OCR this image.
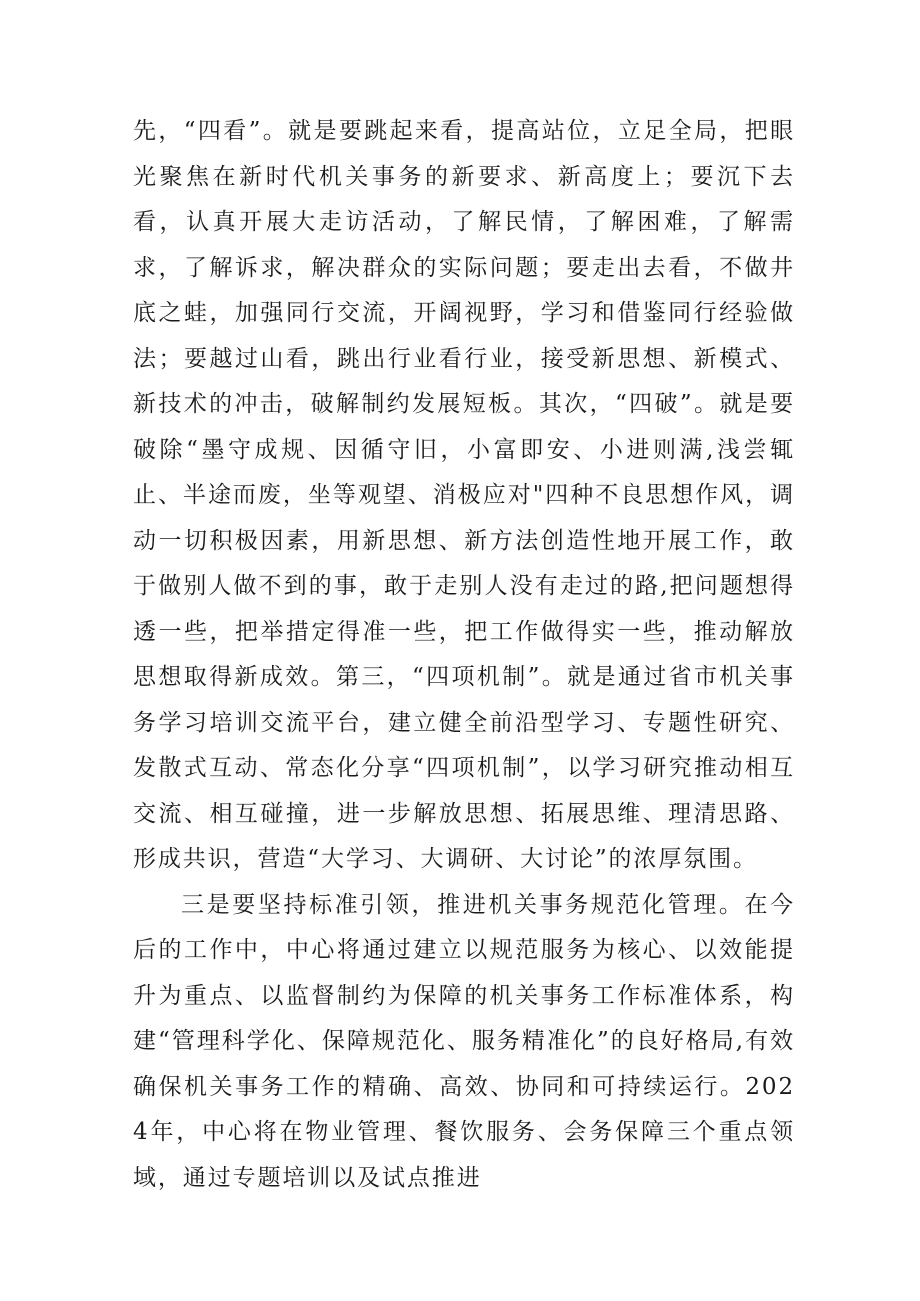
先，“四看”。就是要跳起来看，提高站位，立足全局，把眼光聚焦在新时代机关事务的新要求、新高度上；要沉下去看，认真开展大走访活动，了解民情，了解困难，了解需求，了解诉求，解决群众的实际问题；要走出去看，不做井底之蛙，加强同行交流，开阔视野，学习和借鉴同行经验做法；要越过山看，跳出行业看行业，接受新思想、新模式、新技术的冲击，破解制约发展短板。其次，“四破”。就是要破除“墨守成规、因循守旧，小富即安、小进则满,浅尝辄止、半途而废，坐等观望、消极应对"四种不良思想作风，调动一切积极因素，用新思想、新方法创造性地开展工作，敢于做别人做不到的事，敢于走别人没有走过的路,把问题想得透一些，把举措定得准一些，把工作做得实一些，推动解放思想取得新成效。第三，“四项机制”。就是通过省市机关事务学习培训交流平台，建立健全前沿型学习、专题性研究、发散式互动、常态化分享“四项机制”，以学习研究推动相互交流、相互碰撞，进一步解放思想、拓展思维、理清思路、形成共识，营造“大学习、大调研、大讨论”的浓厚氛围。

三是要坚持标准引领，推进机关事务规范化管理。在今后的工作中，中心将通过建立以规范服务为核心、以效能提升为重点、以监督制约为保障的机关事务工作标准体系，构建“管理科学化、保障规范化、服务精准化”的良好格局,有效确保机关事务工作的精确、高效、协同和可持续运行。2024年，中心将在物业管理、餐饮服务、会务保障三个重点领域，通过专题培训以及试点推进
